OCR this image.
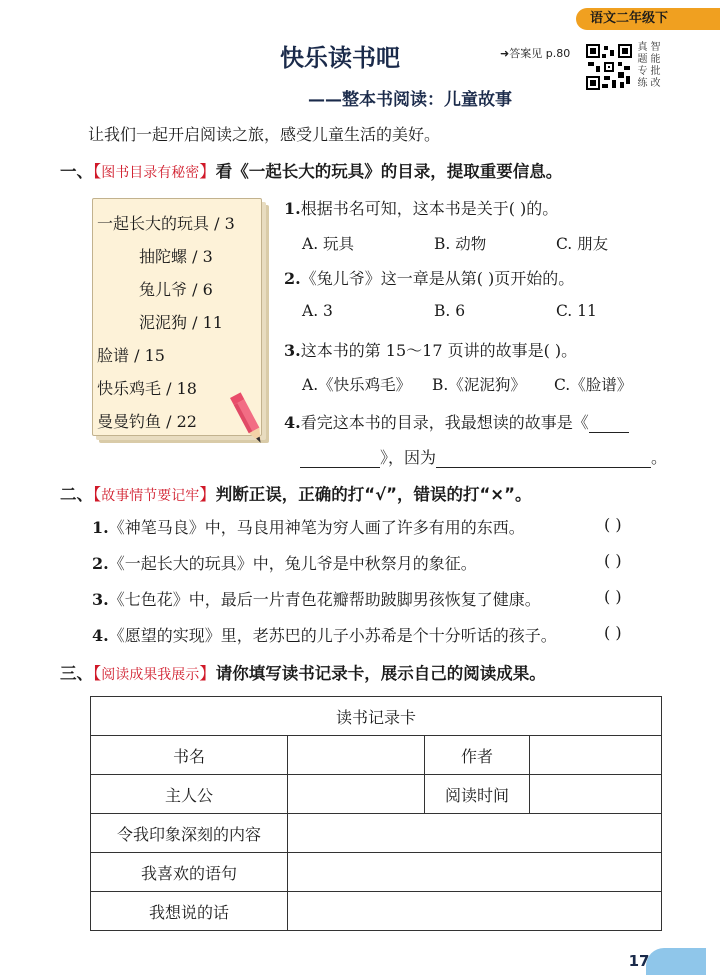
语文二年级下
快乐读书吧
——整本书阅读：儿童故事
➜答案见 p.80	真 智 题 能 专 批 练 改
让我们一起开启阅读之旅，感受儿童生活的美好。
一、【图书目录有秘密】看《一起长大的玩具》的目录，提取重要信息。
一起长大的玩具 / 3
抽陀螺 / 3
兔儿爷 / 6
泥泥狗 / 11
脸谱 / 15
快乐鸡毛 / 18
曼曼钓鱼 / 22
1.根据书名可知，这本书是关于( )的。
A. 玩具	B. 动物	C. 朋友
2.《兔儿爷》这一章是从第( )页开始的。
A. 3	B. 6	C. 11
3.这本书的第 15～17 页讲的故事是( )。
A.《快乐鸡毛》 B.《泥泥狗》 C.《脸谱》
4.看完这本书的目录，我最想读的故事是《
》，因为	。
二、【故事情节要记牢】判断正误，正确的打“√”，错误的打“×”。
1.《神笔马良》中，马良用神笔为穷人画了许多有用的东西。	( )
2.《一起长大的玩具》中，兔儿爷是中秋祭月的象征。	( )
3.《七色花》中，最后一片青色花瓣帮助跛脚男孩恢复了健康。	( )
4.《愿望的实现》里，老苏巴的儿子小苏希是个十分听话的孩子。	( )
三、【阅读成果我展示】请你填写读书记录卡，展示自己的阅读成果。
读书记录卡			
书名		作者	
主人公		阅读时间	
令我印象深刻的内容			
我喜欢的语句			
我想说的话			
17
